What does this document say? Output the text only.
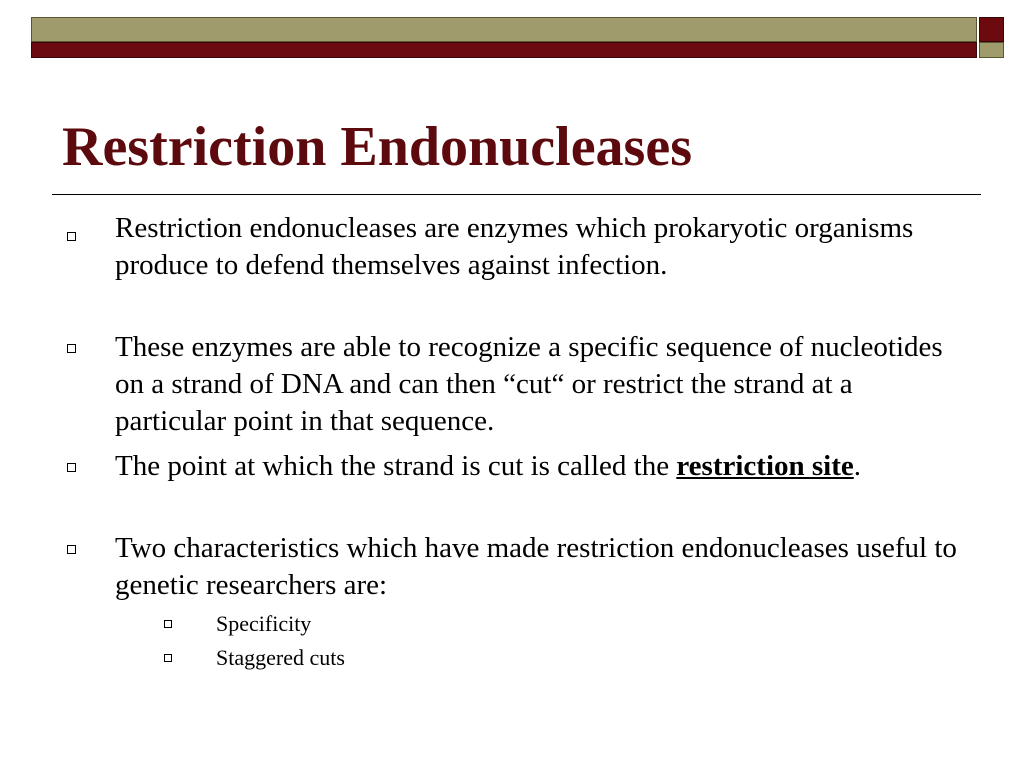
Restriction Endonucleases
Restriction endonucleases are enzymes which prokaryotic organisms produce to defend themselves against infection.
These enzymes are able to recognize a specific sequence of nucleotides on a strand of DNA and can then “cut“ or restrict the strand at a particular point in that sequence.
The point at which the strand is cut is called the restriction site.
Two characteristics which have made restriction endonucleases useful to genetic researchers are:
Specificity
Staggered cuts
